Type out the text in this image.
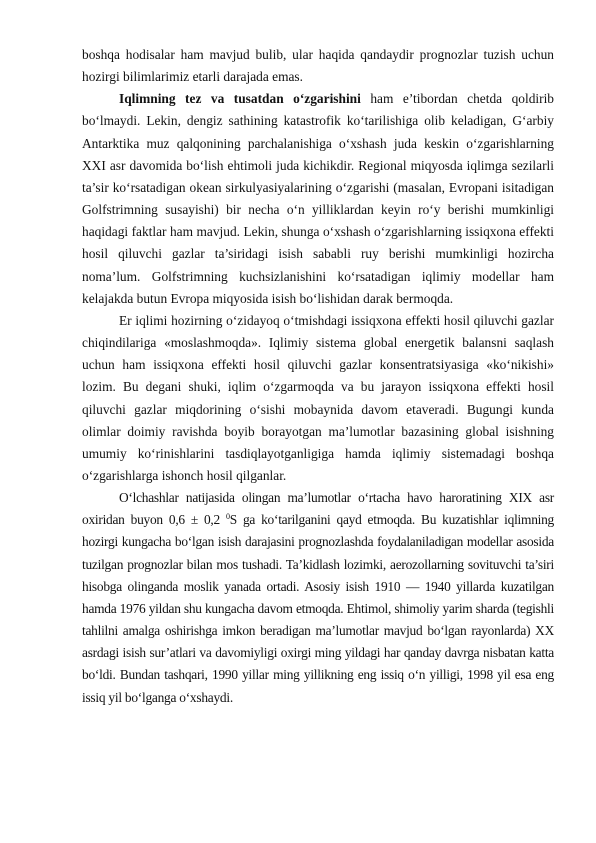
boshqa hodisalar ham mavjud bulib, ular haqida qandaydir prognozlar tuzish uchun hozirgi bilimlarimiz etarli darajada emas.

Iqlimning tez va tusatdan o‘zgarishini ham e’tibordan chetda qoldirib bo‘lmaydi. Lekin, dengiz sathining katastrofik ko‘tarilishiga olib keladigan, G‘arbiy Antarktika muz qalqonining parchalanishiga o‘xshash juda keskin o‘zgarishlarning XXI asr davomida bo‘lish ehtimoli juda kichikdir. Regional miqyosda iqlimga sezilarli ta’sir ko‘rsatadigan okean sirkulyasiyalarining o‘zgarishi (masalan, Evropani isitadigan Golfstrimning susayishi) bir necha o‘n yilliklardan keyin ro‘y berishi mumkinligi haqidagi faktlar ham mavjud. Lekin, shunga o‘xshash o‘zgarishlarning issiqxona effekti hosil qiluvchi gazlar ta’siridagi isish sababli ruy berishi mumkinligi hozircha noma’lum. Golfstrimning kuchsizlanishini ko‘rsatadigan iqlimiy modellar ham kelajakda butun Evropa miqyosida isish bo‘lishidan darak bermoqda.

Er iqlimi hozirning o‘zidayoq o‘tmishdagi issiqxona effekti hosil qiluvchi gazlar chiqindilariga «moslashmoqda». Iqlimiy sistema global energetik balansni saqlash uchun ham issiqxona effekti hosil qiluvchi gazlar konsentratsiyasiga «ko‘nikishi» lozim. Bu degani shuki, iqlim o‘zgarmoqda va bu jarayon issiqxona effekti hosil qiluvchi gazlar miqdorining o‘sishi mobaynida davom etaveradi. Bugungi kunda olimlar doimiy ravishda boyib borayotgan ma’lumotlar bazasining global isishning umumiy ko‘rinishlarini tasdiqlayotganligiga hamda iqlimiy sistemadagi boshqa o‘zgarishlarga ishonch hosil qilganlar.

O‘lchashlar natijasida olingan ma’lumotlar o‘rtacha havo haroratining XIX asr oxiridan buyon 0,6 ± 0,2 $^0$S ga ko‘tarilganini qayd etmoqda. Bu kuzatishlar iqlimning hozirgi kungacha bo‘lgan isish darajasini prognozlashda foydalaniladigan modellar asosida tuzilgan prognozlar bilan mos tushadi. Ta’kidlash lozimki, aerozollarning sovituvchi ta’siri hisobga olinganda moslik yanada ortadi. Asosiy isish 1910 — 1940 yillarda kuzatilgan hamda 1976 yildan shu kungacha davom etmoqda. Ehtimol, shimoliy yarim sharda (tegishli tahlilni amalga oshirishga imkon beradigan ma’lumotlar mavjud bo‘lgan rayonlarda) XX asrdagi isish sur’atlari va davomiyligi oxirgi ming yildagi har qanday davrga nisbatan katta bo‘ldi. Bundan tashqari, 1990 yillar ming yillikning eng issiq o‘n yilligi, 1998 yil esa eng issiq yil bo‘lganga o‘xshaydi.
